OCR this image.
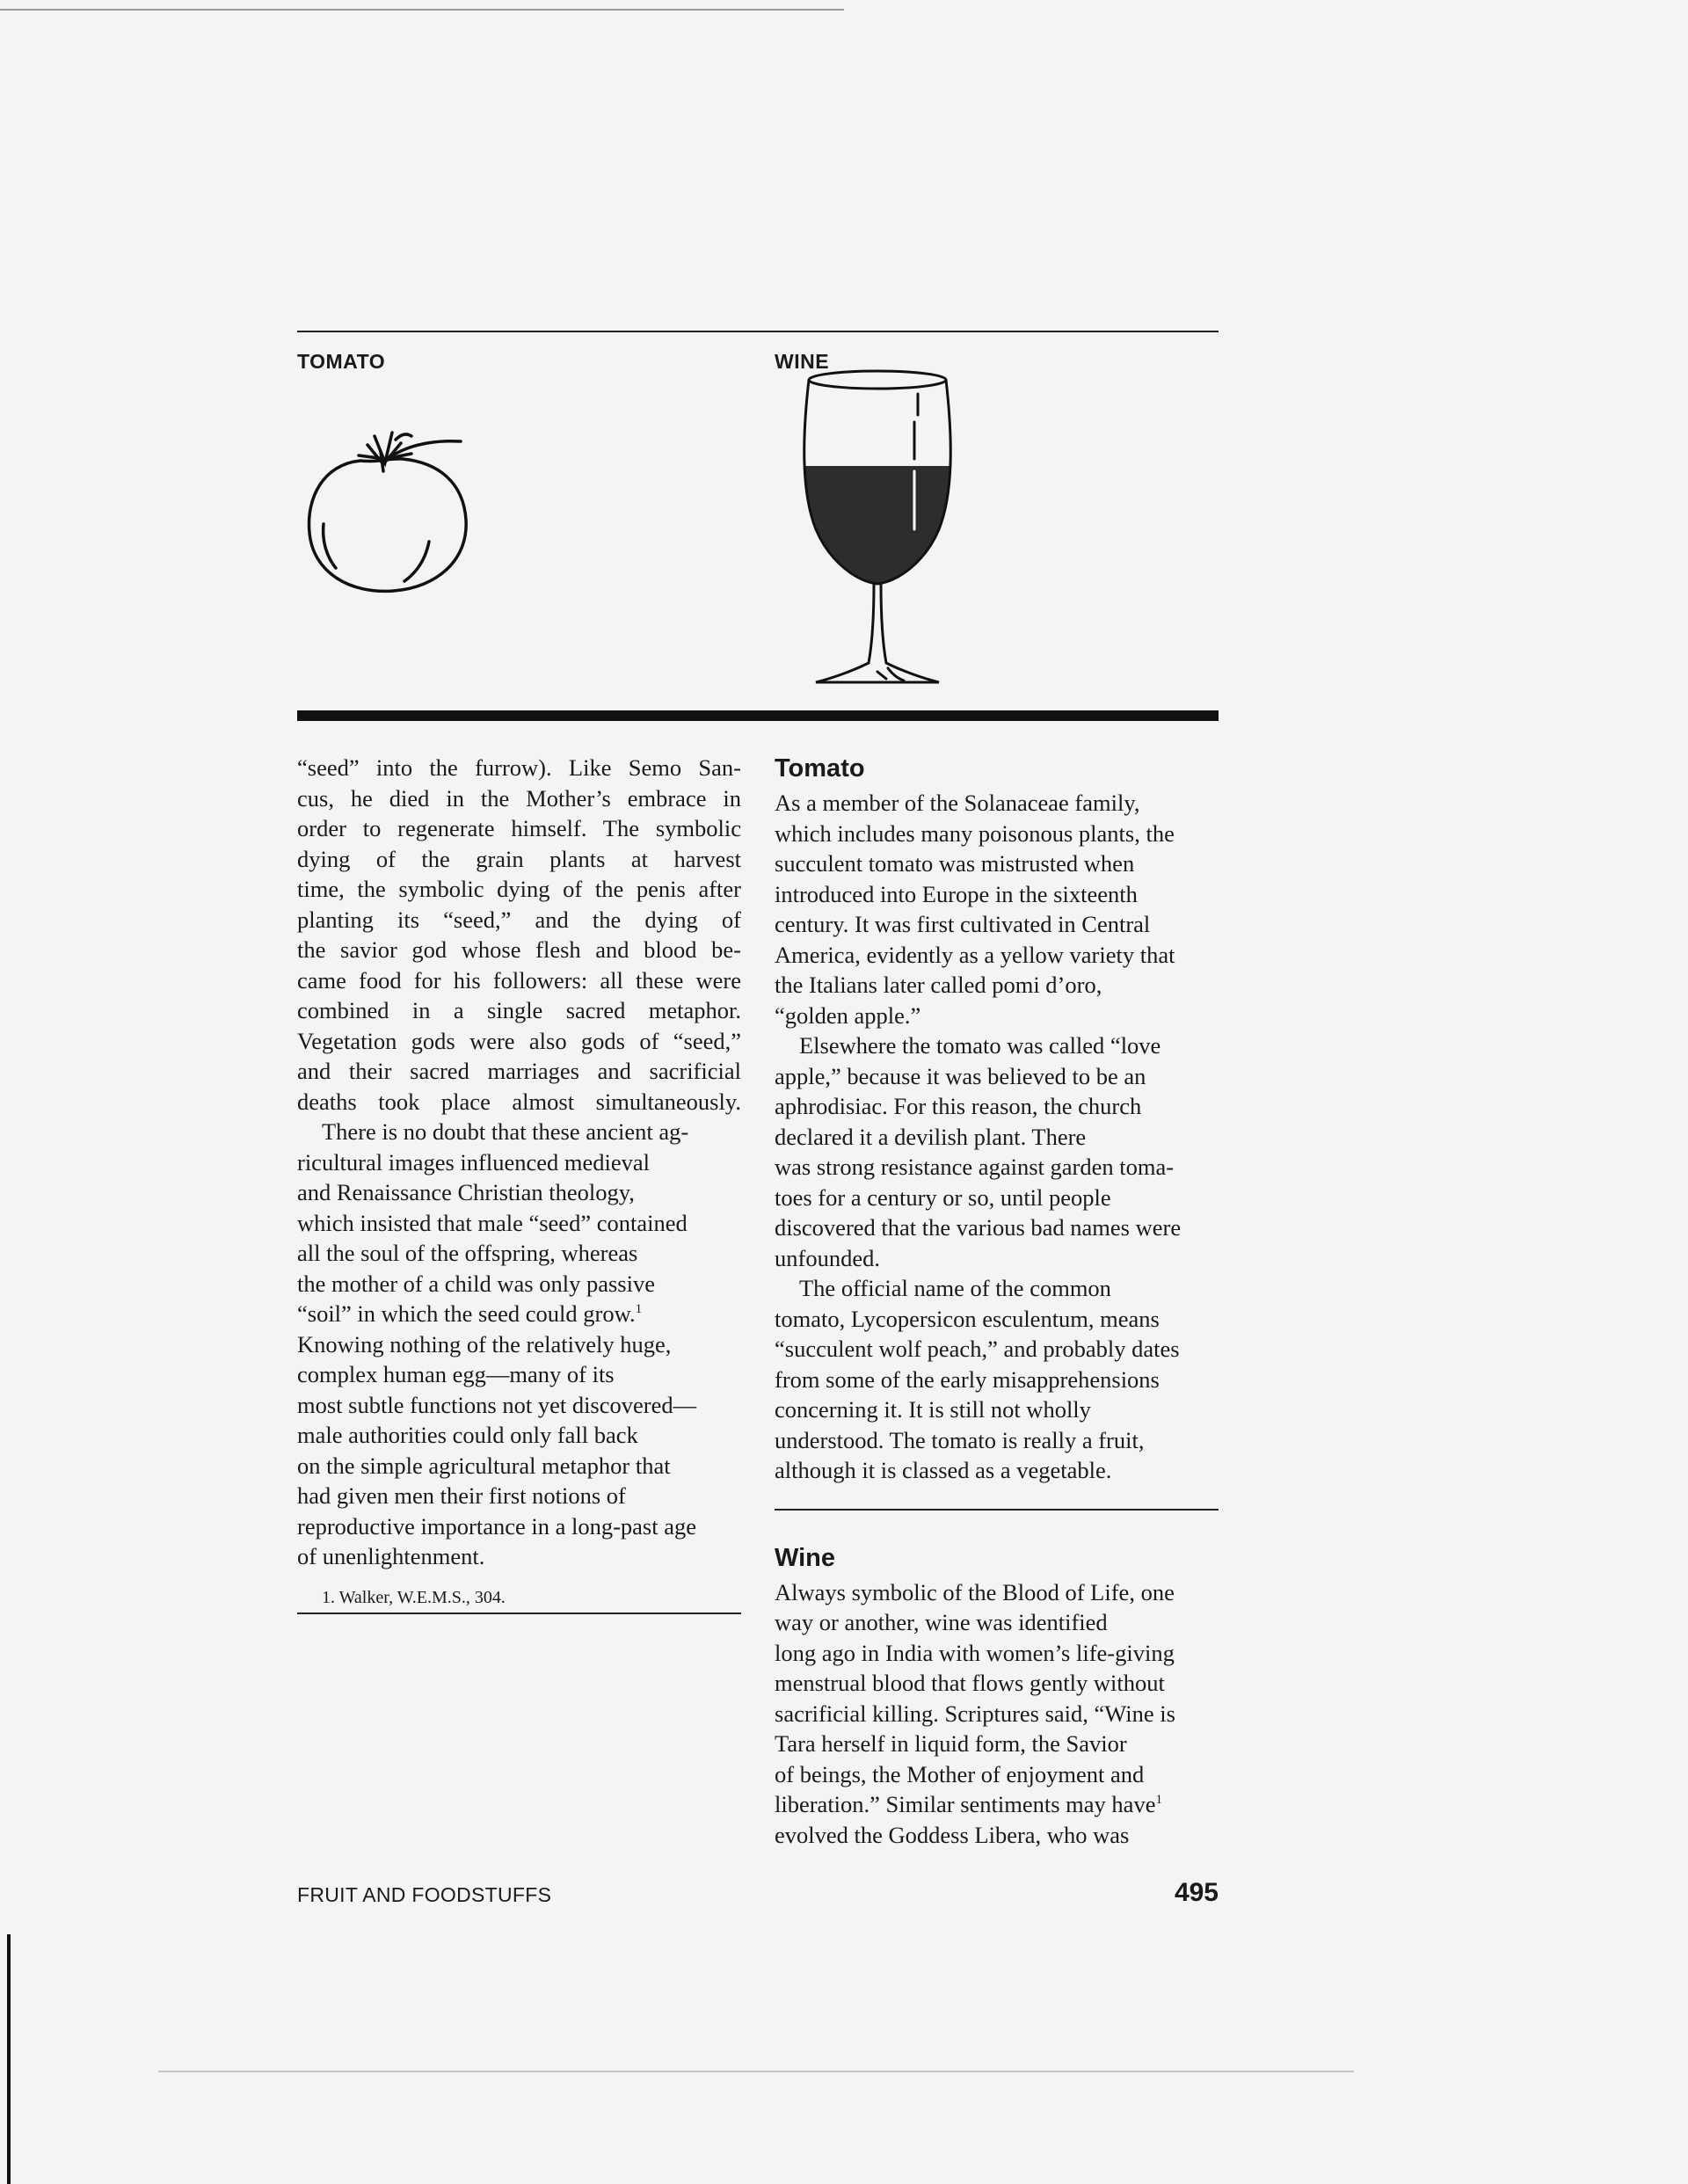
TOMATO	WINE

“seed” into the furrow). Like Semo San-
cus, he died in the Mother’s embrace in
order to regenerate himself. The symbolic
dying of the grain plants at harvest
time, the symbolic dying of the penis after
planting its “seed,” and the dying of
the savior god whose flesh and blood be-
came food for his followers: all these were
combined in a single sacred metaphor.
Vegetation gods were also gods of “seed,”
and their sacred marriages and sacrificial
deaths took place almost simultaneously.

There is no doubt that these ancient ag-
ricultural images influenced medieval
and Renaissance Christian theology,
which insisted that male “seed” contained
all the soul of the offspring, whereas
the mother of a child was only passive
“soil” in which the seed could grow.$^1$
Knowing nothing of the relatively huge,
complex human egg—many of its
most subtle functions not yet discovered—
male authorities could only fall back
on the simple agricultural metaphor that
had given men their first notions of
reproductive importance in a long-past age
of unenlightenment.

1. Walker, W.E.M.S., 304.

Tomato

As a member of the Solanaceae family,
which includes many poisonous plants, the
succulent tomato was mistrusted when
introduced into Europe in the sixteenth
century. It was first cultivated in Central
America, evidently as a yellow variety that
the Italians later called pomi d’oro,
“golden apple.”

Elsewhere the tomato was called “love
apple,” because it was believed to be an
aphrodisiac. For this reason, the church
declared it a devilish plant. There
was strong resistance against garden toma-
toes for a century or so, until people
discovered that the various bad names were
unfounded.

The official name of the common
tomato, Lycopersicon esculentum, means
“succulent wolf peach,” and probably dates
from some of the early misapprehensions
concerning it. It is still not wholly
understood. The tomato is really a fruit,
although it is classed as a vegetable.

Wine

Always symbolic of the Blood of Life, one
way or another, wine was identified
long ago in India with women’s life-giving
menstrual blood that flows gently without
sacrificial killing. Scriptures said, “Wine is
Tara herself in liquid form, the Savior
of beings, the Mother of enjoyment and
liberation.” Similar sentiments may have$^1$
evolved the Goddess Libera, who was

FRUIT AND FOODSTUFFS	495
